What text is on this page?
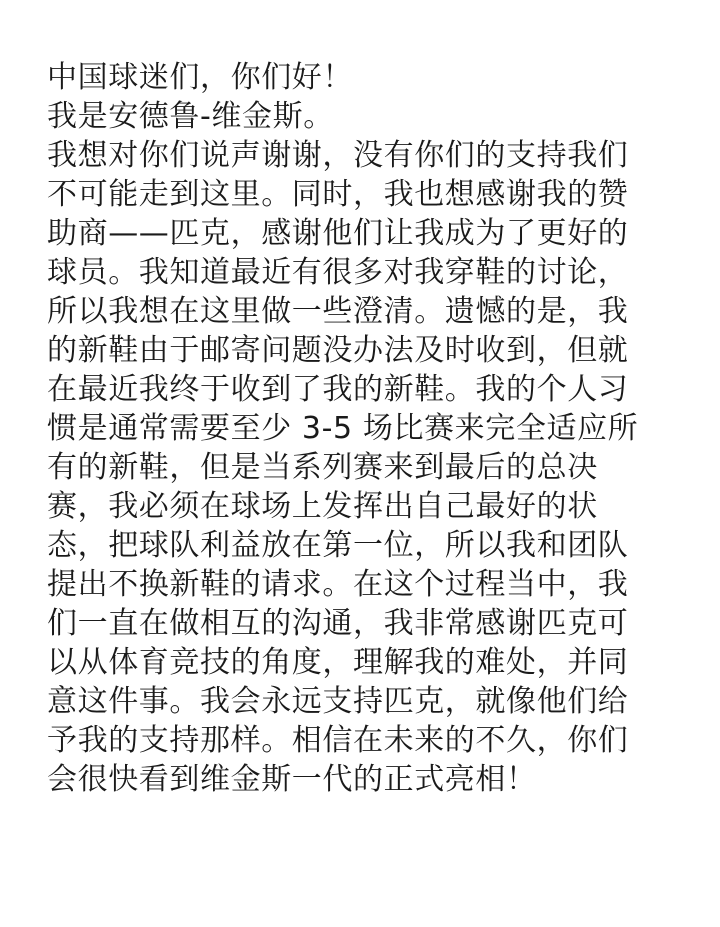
中国球迷们，你们好！
我是安德鲁-维金斯。
我想对你们说声谢谢，没有你们的支持我们
不可能走到这里。同时，我也想感谢我的赞
助商——匹克，感谢他们让我成为了更好的
球员。我知道最近有很多对我穿鞋的讨论，
所以我想在这里做一些澄清。遗憾的是，我
的新鞋由于邮寄问题没办法及时收到，但就
在最近我终于收到了我的新鞋。我的个人习
惯是通常需要至少 3-5 场比赛来完全适应所
有的新鞋，但是当系列赛来到最后的总决
赛，我必须在球场上发挥出自己最好的状
态，把球队利益放在第一位，所以我和团队
提出不换新鞋的请求。在这个过程当中，我
们一直在做相互的沟通，我非常感谢匹克可
以从体育竞技的角度，理解我的难处，并同
意这件事。我会永远支持匹克，就像他们给
予我的支持那样。相信在未来的不久，你们
会很快看到维金斯一代的正式亮相！
